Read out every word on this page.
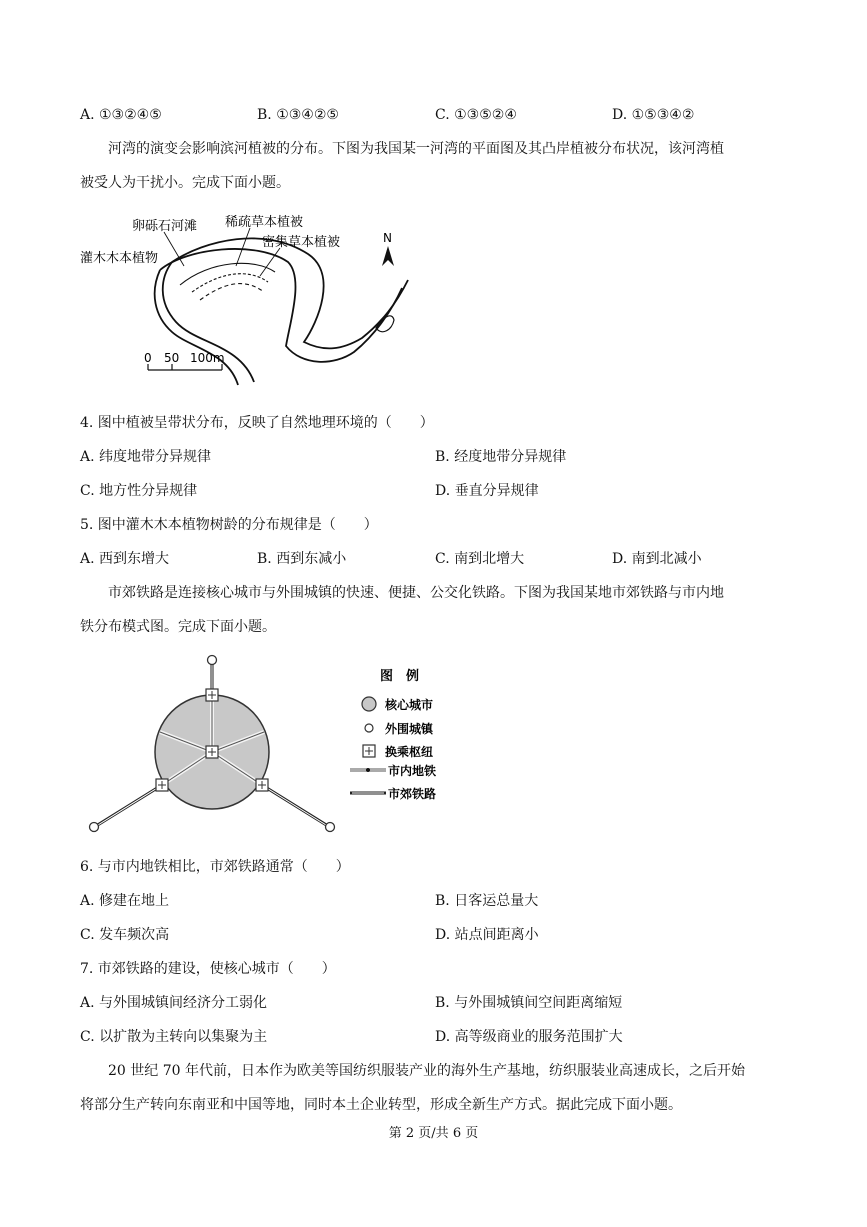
A. ①③②④⑤	B. ①③④②⑤	C. ①③⑤②④	D. ①⑤③④②
河湾的演变会影响滨河植被的分布。下图为我国某一河湾的平面图及其凸岸植被分布状况，该河湾植
被受人为干扰小。完成下面小题。
卵砾石河滩 稀疏草本植被
密集草本植被
灌木木本植物
N
0 50 100m
4. 图中植被呈带状分布，反映了自然地理环境的（　　）
A. 纬度地带分异规律	B. 经度地带分异规律
C. 地方性分异规律	D. 垂直分异规律
5. 图中灌木木本植物树龄的分布规律是（　　）
A. 西到东增大	B. 西到东减小	C. 南到北增大	D. 南到北减小
市郊铁路是连接核心城市与外围城镇的快速、便捷、公交化铁路。下图为我国某地市郊铁路与市内地
铁分布模式图。完成下面小题。
图　例
核心城市
外围城镇
换乘枢纽
市内地铁
市郊铁路
6. 与市内地铁相比，市郊铁路通常（　　）
A. 修建在地上	B. 日客运总量大
C. 发车频次高	D. 站点间距离小
7. 市郊铁路的建设，使核心城市（　　）
A. 与外围城镇间经济分工弱化	B. 与外围城镇间空间距离缩短
C. 以扩散为主转向以集聚为主	D. 高等级商业的服务范围扩大
20 世纪 70 年代前，日本作为欧美等国纺织服装产业的海外生产基地，纺织服装业高速成长，之后开始
将部分生产转向东南亚和中国等地，同时本土企业转型，形成全新生产方式。据此完成下面小题。
第 2 页/共 6 页
